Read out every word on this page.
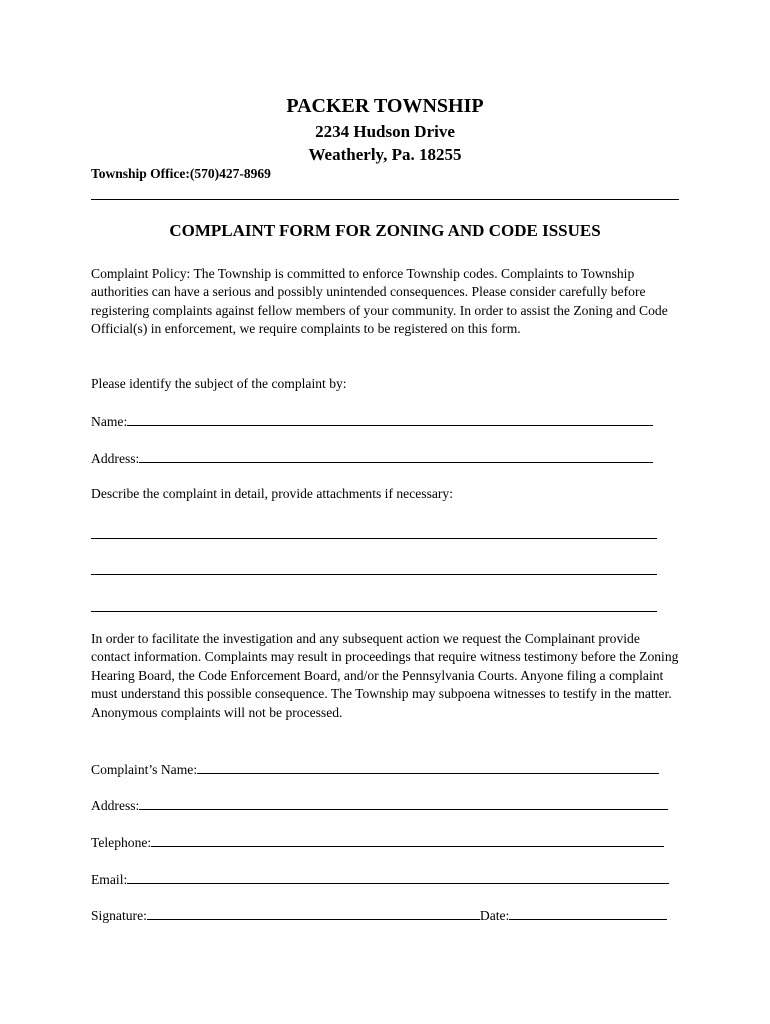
PACKER TOWNSHIP
2234 Hudson Drive
Weatherly, Pa. 18255
Township Office:(570)427-8969
COMPLAINT FORM FOR ZONING AND CODE ISSUES

Complaint Policy: The Township is committed to enforce Township codes. Complaints to Township authorities can have a serious and possibly unintended consequences. Please consider carefully before registering complaints against fellow members of your community. In order to assist the Zoning and Code Official(s) in enforcement, we require complaints to be registered on this form.

Please identify the subject of the complaint by:
Name:
Address:
Describe the complaint in detail, provide attachments if necessary:

In order to facilitate the investigation and any subsequent action we request the Complainant provide contact information. Complaints may result in proceedings that require witness testimony before the Zoning Hearing Board, the Code Enforcement Board, and/or the Pennsylvania Courts. Anyone filing a complaint must understand this possible consequence. The Township may subpoena witnesses to testify in the matter. Anonymous complaints will not be processed.

Complaint’s Name:
Address:
Telephone:
Email:
Signature:	Date:
